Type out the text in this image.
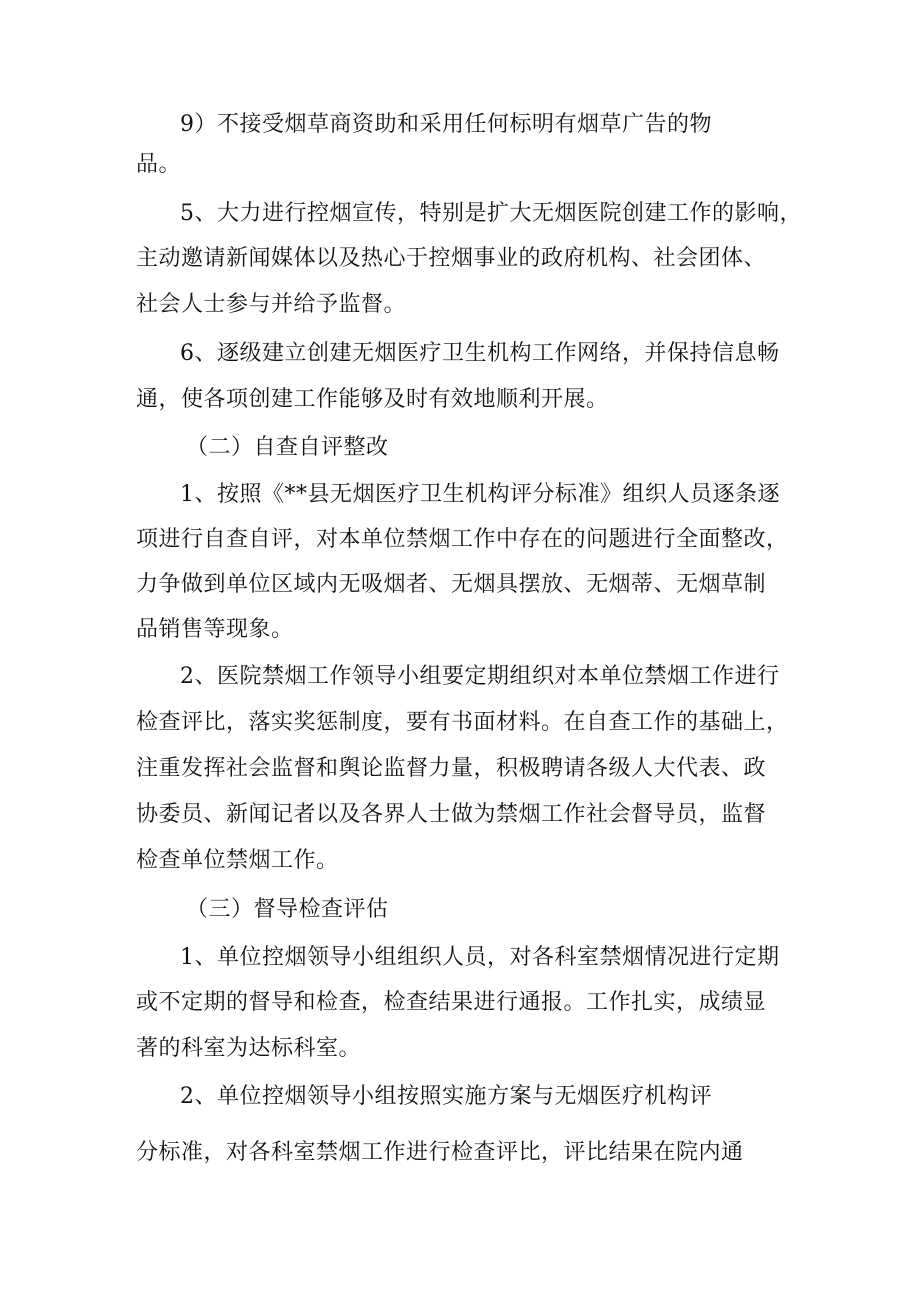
9）不接受烟草商资助和采用任何标明有烟草广告的物
品。
5、大力进行控烟宣传，特别是扩大无烟医院创建工作的影响，
主动邀请新闻媒体以及热心于控烟事业的政府机构、社会团体、
社会人士参与并给予监督。
6、逐级建立创建无烟医疗卫生机构工作网络，并保持信息畅
通，使各项创建工作能够及时有效地顺利开展。
（二）自查自评整改
1、按照《**县无烟医疗卫生机构评分标准》组织人员逐条逐
项进行自查自评，对本单位禁烟工作中存在的问题进行全面整改，
力争做到单位区域内无吸烟者、无烟具摆放、无烟蒂、无烟草制
品销售等现象。
2、医院禁烟工作领导小组要定期组织对本单位禁烟工作进行
检查评比，落实奖惩制度，要有书面材料。在自查工作的基础上，
注重发挥社会监督和舆论监督力量，积极聘请各级人大代表、政
协委员、新闻记者以及各界人士做为禁烟工作社会督导员，监督
检查单位禁烟工作。
（三）督导检查评估
1、单位控烟领导小组组织人员，对各科室禁烟情况进行定期
或不定期的督导和检查，检查结果进行通报。工作扎实，成绩显
著的科室为达标科室。
2、单位控烟领导小组按照实施方案与无烟医疗机构评
分标准，对各科室禁烟工作进行检查评比，评比结果在院内通
